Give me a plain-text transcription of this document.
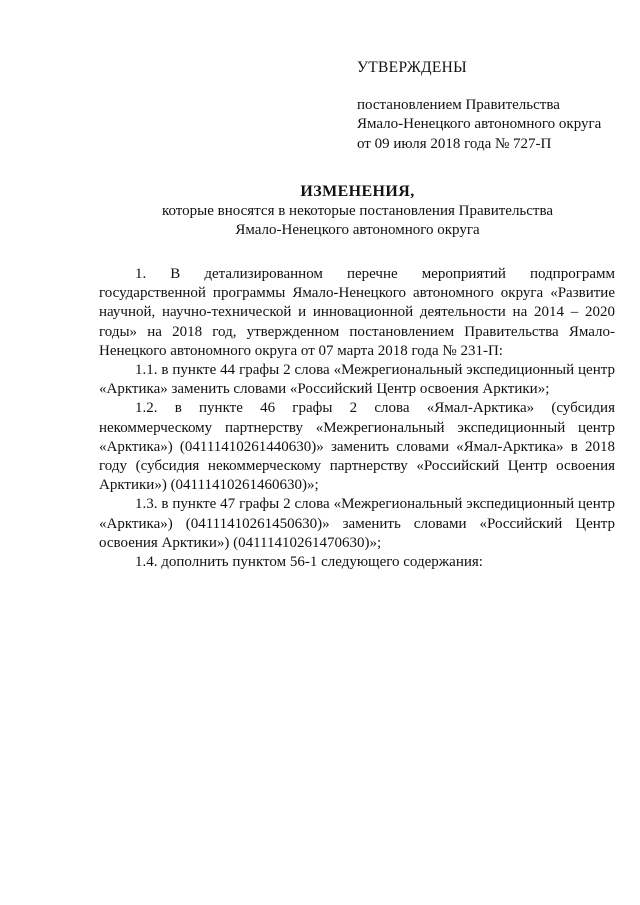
УТВЕРЖДЕНЫ
постановлением Правительства
Ямало-Ненецкого автономного округа
от 09 июля 2018 года № 727-П
ИЗМЕНЕНИЯ,
которые вносятся в некоторые постановления Правительства
Ямало-Ненецкого автономного округа

1. В детализированном перечне мероприятий подпрограмм государственной программы Ямало-Ненецкого автономного округа «Развитие научной, научно-технической и инновационной деятельности на 2014 – 2020 годы» на 2018 год, утвержденном постановлением Правительства Ямало-Ненецкого автономного округа от 07 марта 2018 года № 231-П:

1.1. в пункте 44 графы 2 слова «Межрегиональный экспедиционный центр «Арктика» заменить словами «Российский Центр освоения Арктики»;

1.2. в пункте 46 графы 2 слова «Ямал-Арктика» (субсидия некоммерческому партнерству «Межрегиональный экспедиционный центр «Арктика») (04111410261440630)» заменить словами «Ямал-Арктика» в 2018 году (субсидия некоммерческому партнерству «Российский Центр освоения Арктики») (04111410261460630)»;

1.3. в пункте 47 графы 2 слова «Межрегиональный экспедиционный центр «Арктика») (04111410261450630)» заменить словами «Российский Центр освоения Арктики») (04111410261470630)»;

1.4. дополнить пунктом 56-1 следующего содержания:
